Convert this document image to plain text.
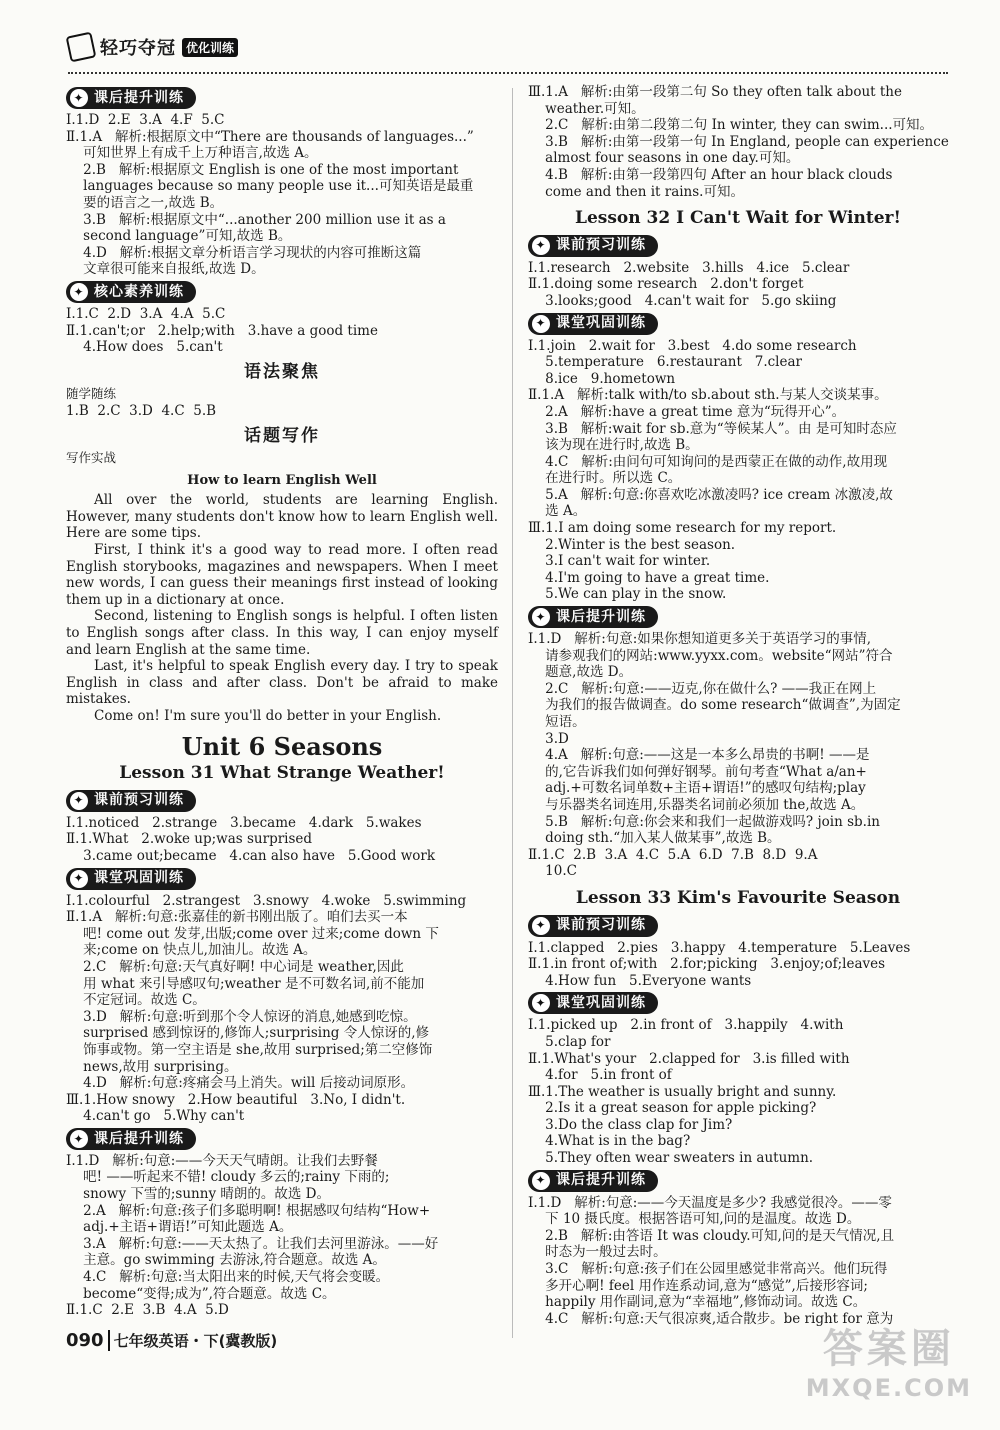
轻巧夺冠 优化训练
✦ 课后提升训练
Ⅰ.1.D  2.E  3.A  4.F  5.C
Ⅱ.1.A   解析:根据原文中“There are thousands of languages...”
可知世界上有成千上万种语言,故选 A。
2.B   解析:根据原文 English is one of the most important
languages because so many people use it...可知英语是最重
要的语言之一,故选 B。
3.B   解析:根据原文中“...another 200 million use it as a
second language”可知,故选 B。
4.D   解析:根据文章分析语言学习现状的内容可推断这篇
文章很可能来自报纸,故选 D。
✦ 核心素养训练
Ⅰ.1.C  2.D  3.A  4.A  5.C
Ⅱ.1.can't;or   2.help;with   3.have a good time
4.How does   5.can't
语法聚焦
随学随练
1.B  2.C  3.D  4.C  5.B
话题写作
写作实战
How to learn English Well
All over the world, students are learning English. However, many students don't know how to learn English well. Here are some tips.
First, I think it's a good way to read more. I often read English storybooks, magazines and newspapers. When I meet new words, I can guess their meanings first instead of looking them up in a dictionary at once.
Second, listening to English songs is helpful. I often listen to English songs after class. In this way, I can enjoy myself and learn English at the same time.
Last, it's helpful to speak English every day. I try to speak English in class and after class. Don't be afraid to make mistakes.
Come on! I'm sure you'll do better in your English.
Unit 6 Seasons
Lesson 31 What Strange Weather!
✦ 课前预习训练
Ⅰ.1.noticed   2.strange   3.became   4.dark   5.wakes
Ⅱ.1.What   2.woke up;was surprised
3.came out;became   4.can also have   5.Good work
✦ 课堂巩固训练
Ⅰ.1.colourful   2.strangest   3.snowy   4.woke   5.swimming
Ⅱ.1.A   解析:句意:张嘉佳的新书刚出版了。咱们去买一本
吧! come out 发芽,出版;come over 过来;come down 下
来;come on 快点儿,加油儿。故选 A。
2.C   解析:句意:天气真好啊! 中心词是 weather,因此
用 what 来引导感叹句;weather 是不可数名词,前不能加
不定冠词。故选 C。
3.D   解析:句意:听到那个令人惊讶的消息,她感到吃惊。
surprised 感到惊讶的,修饰人;surprising 令人惊讶的,修
饰事或物。第一空主语是 she,故用 surprised;第二空修饰
news,故用 surprising。
4.D   解析:句意:疼痛会马上消失。will 后接动词原形。
Ⅲ.1.How snowy   2.How beautiful   3.No, I didn't.
4.can't go   5.Why can't
✦ 课后提升训练
Ⅰ.1.D   解析:句意:——今天天气晴朗。让我们去野餐
吧! ——听起来不错! cloudy 多云的;rainy 下雨的;
snowy 下雪的;sunny 晴朗的。故选 D。
2.A   解析:句意:孩子们多聪明啊! 根据感叹句结构“How+
adj.+主语+谓语!”可知此题选 A。
3.A   解析:句意:——天太热了。让我们去河里游泳。——好
主意。go swimming 去游泳,符合题意。故选 A。
4.C   解析:句意:当太阳出来的时候,天气将会变暖。
become“变得;成为”,符合题意。故选 C。
Ⅱ.1.C  2.E  3.B  4.A  5.D
Ⅲ.1.A   解析:由第一段第二句 So they often talk about the
weather.可知。
2.C   解析:由第二段第二句 In winter, they can swim...可知。
3.B   解析:由第一段第一句 In England, people can experience
almost four seasons in one day.可知。
4.B   解析:由第一段第四句 After an hour black clouds
come and then it rains.可知。
Lesson 32 I Can't Wait for Winter!
✦ 课前预习训练
Ⅰ.1.research   2.website   3.hills   4.ice   5.clear
Ⅱ.1.doing some research   2.don't forget
3.looks;good   4.can't wait for   5.go skiing
✦ 课堂巩固训练
Ⅰ.1.join   2.wait for   3.best   4.do some research
5.temperature   6.restaurant   7.clear
8.ice   9.hometown
Ⅱ.1.A   解析:talk with/to sb.about sth.与某人交谈某事。
2.A   解析:have a great time 意为“玩得开心”。
3.B   解析:wait for sb.意为“等候某人”。由 是可知时态应
该为现在进行时,故选 B。
4.C   解析:由问句可知询问的是西蒙正在做的动作,故用现
在进行时。所以选 C。
5.A   解析:句意:你喜欢吃冰激凌吗? ice cream 冰激凌,故
选 A。
Ⅲ.1.I am doing some research for my report.
2.Winter is the best season.
3.I can't wait for winter.
4.I'm going to have a great time.
5.We can play in the snow.
✦ 课后提升训练
Ⅰ.1.D   解析:句意:如果你想知道更多关于英语学习的事情,
请参观我们的网站:www.yyxx.com。website“网站”符合
题意,故选 D。
2.C   解析:句意:——迈克,你在做什么? ——我正在网上
为我们的报告做调查。do some research“做调查”,为固定
短语。
3.D
4.A   解析:句意:——这是一本多么昂贵的书啊! ——是
的,它告诉我们如何弹好钢琴。前句考查“What a/an+
adj.+可数名词单数+主语+谓语!”的感叹句结构;play
与乐器类名词连用,乐器类名词前必须加 the,故选 A。
5.B   解析:句意:你会来和我们一起做游戏吗? join sb.in
doing sth.“加入某人做某事”,故选 B。
Ⅱ.1.C  2.B  3.A  4.C  5.A  6.D  7.B  8.D  9.A
10.C
Lesson 33 Kim's Favourite Season
✦ 课前预习训练
Ⅰ.1.clapped   2.pies   3.happy   4.temperature   5.Leaves
Ⅱ.1.in front of;with   2.for;picking   3.enjoy;of;leaves
4.How fun   5.Everyone wants
✦ 课堂巩固训练
Ⅰ.1.picked up   2.in front of   3.happily   4.with
5.clap for
Ⅱ.1.What's your   2.clapped for   3.is filled with
4.for   5.in front of
Ⅲ.1.The weather is usually bright and sunny.
2.Is it a great season for apple picking?
3.Do the class clap for Jim?
4.What is in the bag?
5.They often wear sweaters in autumn.
✦ 课后提升训练
Ⅰ.1.D   解析:句意:——今天温度是多少? 我感觉很冷。——零
下 10 摄氏度。根据答语可知,问的是温度。故选 D。
2.B   解析:由答语 It was cloudy.可知,问的是天气情况,且
时态为一般过去时。
3.C   解析:句意:孩子们在公园里感觉非常高兴。他们玩得
多开心啊! feel 用作连系动词,意为“感觉”,后接形容词;
happily 用作副词,意为“幸福地”,修饰动词。故选 C。
4.C   解析:句意:天气很凉爽,适合散步。be right for 意为
090 七年级英语・下(冀教版)	答案圈
MXQE.COM
